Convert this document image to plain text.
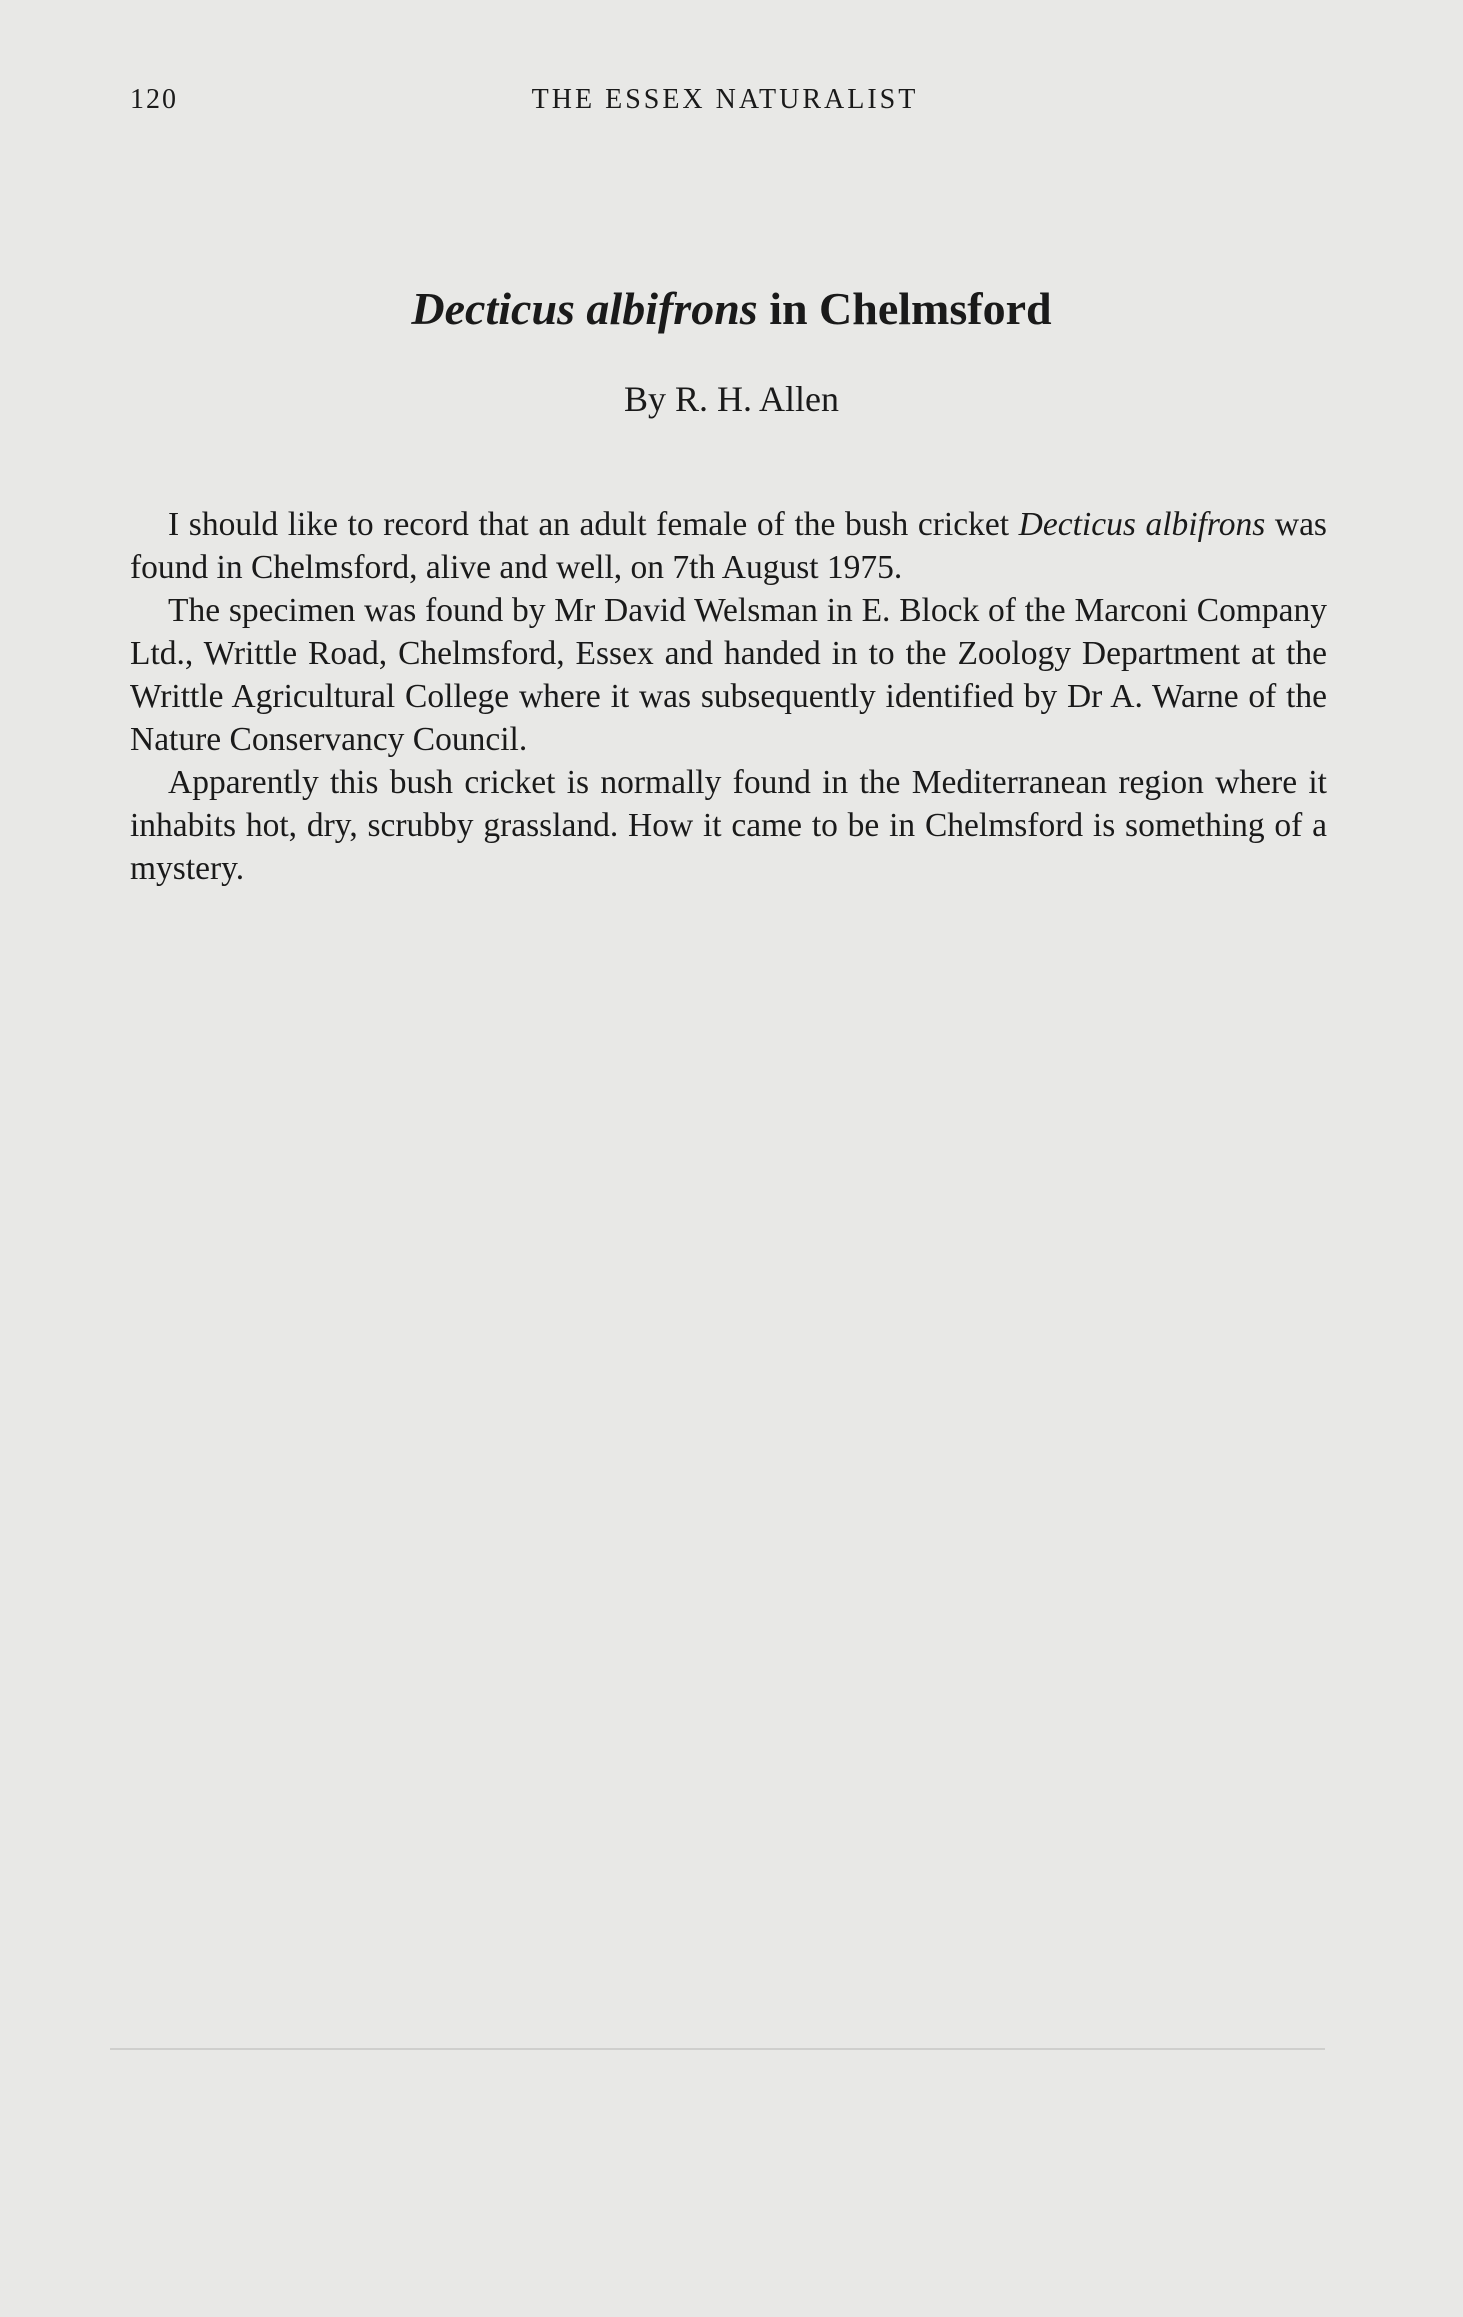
120	THE ESSEX NATURALIST
Decticus albifrons in Chelmsford
By R. H. Allen

I should like to record that an adult female of the bush cricket Decticus albifrons was found in Chelmsford, alive and well, on 7th August 1975.

The specimen was found by Mr David Welsman in E. Block of the Marconi Company Ltd., Writtle Road, Chelmsford, Essex and handed in to the Zoology Department at the Writtle Agricultural College where it was subsequently identified by Dr A. Warne of the Nature Conservancy Council.

Apparently this bush cricket is normally found in the Mediterranean region where it inhabits hot, dry, scrubby grassland. How it came to be in Chelmsford is something of a mystery.
